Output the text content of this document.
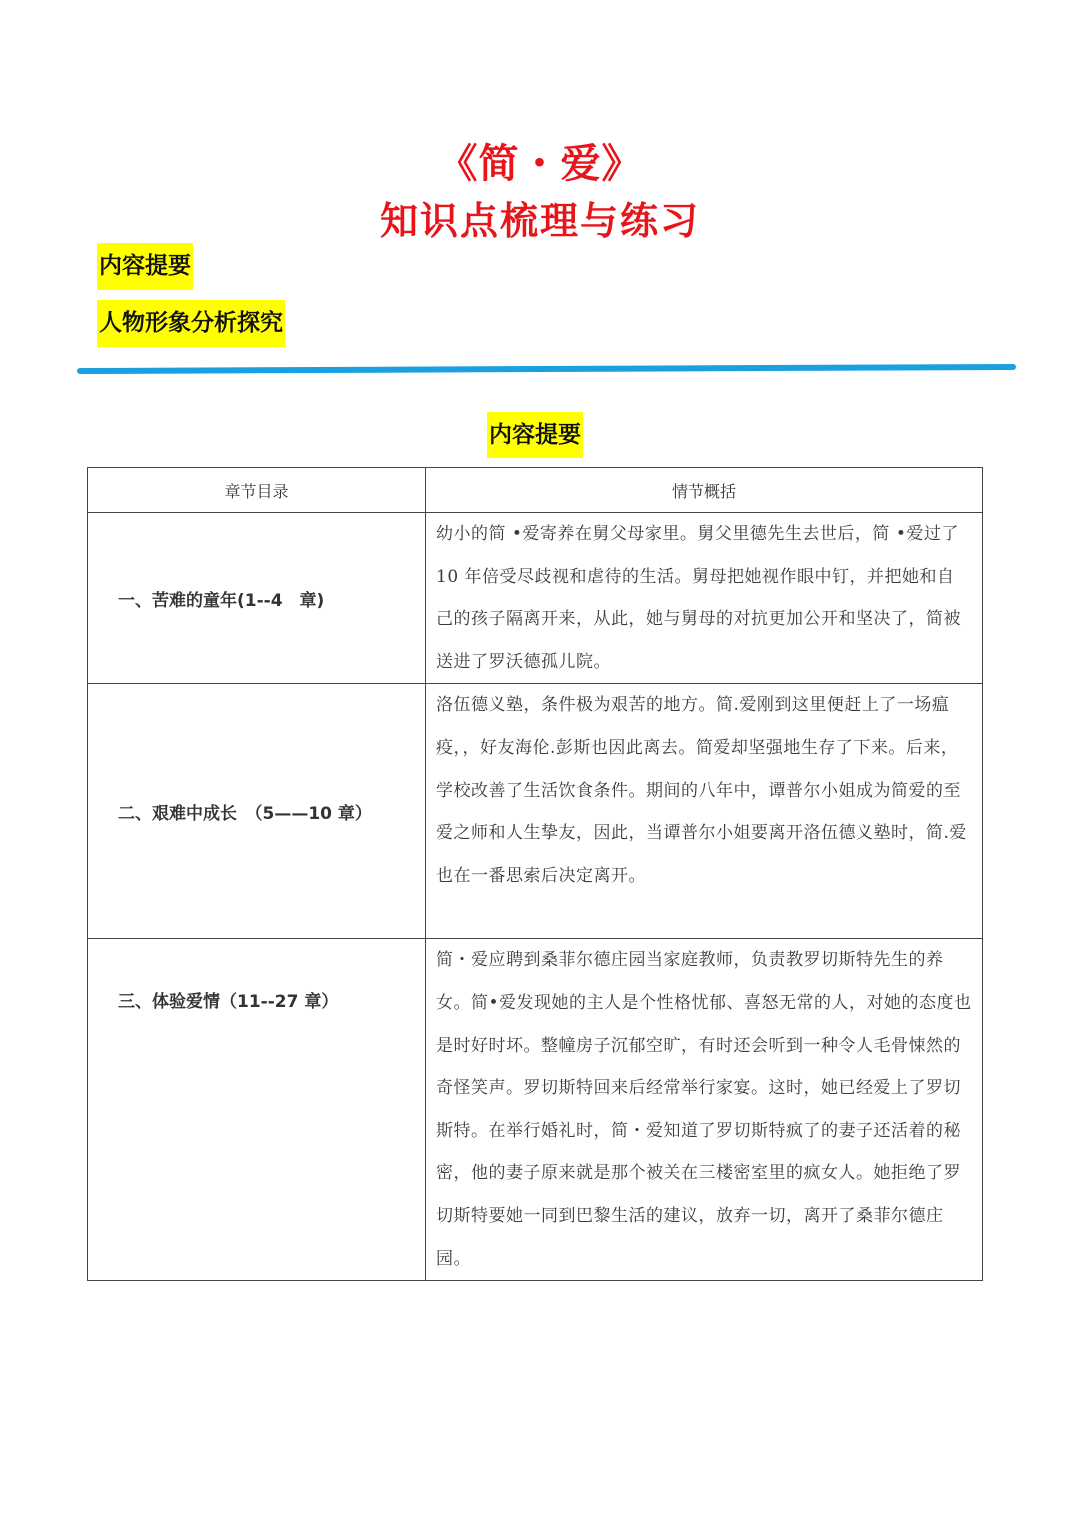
《简・爱》
知识点梳理与练习
内容提要
人物形象分析探究
内容提要
章节目录	情节概括
一、苦难的童年(1--4　章)	幼小的简 •爱寄养在舅父母家里。舅父里德先生去世后，简 •爱过了 10 年倍受尽歧视和虐待的生活。舅母把她视作眼中钉，并把她和自己的孩子隔离开来，从此，她与舅母的对抗更加公开和坚决了，简被送进了罗沃德孤儿院。
二、艰难中成长　（5——10 章）	洛伍德义塾，条件极为艰苦的地方。简.爱刚到这里便赶上了一场瘟疫，，好友海伦.彭斯也因此离去。简爱却坚强地生存了下来。后来，学校改善了生活饮食条件。期间的八年中，谭普尔小姐成为简爱的至爱之师和人生挚友，因此，当谭普尔小姐要离开洛伍德义塾时，简.爱也在一番思索后决定离开。
三、体验爱情（11--27 章）	简・爱应聘到桑菲尔德庄园当家庭教师，负责教罗切斯特先生的养女。简•爱发现她的主人是个性格忧郁、喜怒无常的人，对她的态度也是时好时坏。整幢房子沉郁空旷，有时还会听到一种令人毛骨悚然的奇怪笑声。罗切斯特回来后经常举行家宴。这时，她已经爱上了罗切斯特。在举行婚礼时，简・爱知道了罗切斯特疯了的妻子还活着的秘密，他的妻子原来就是那个被关在三楼密室里的疯女人。她拒绝了罗切斯特要她一同到巴黎生活的建议，放弃一切，离开了桑菲尔德庄园。
